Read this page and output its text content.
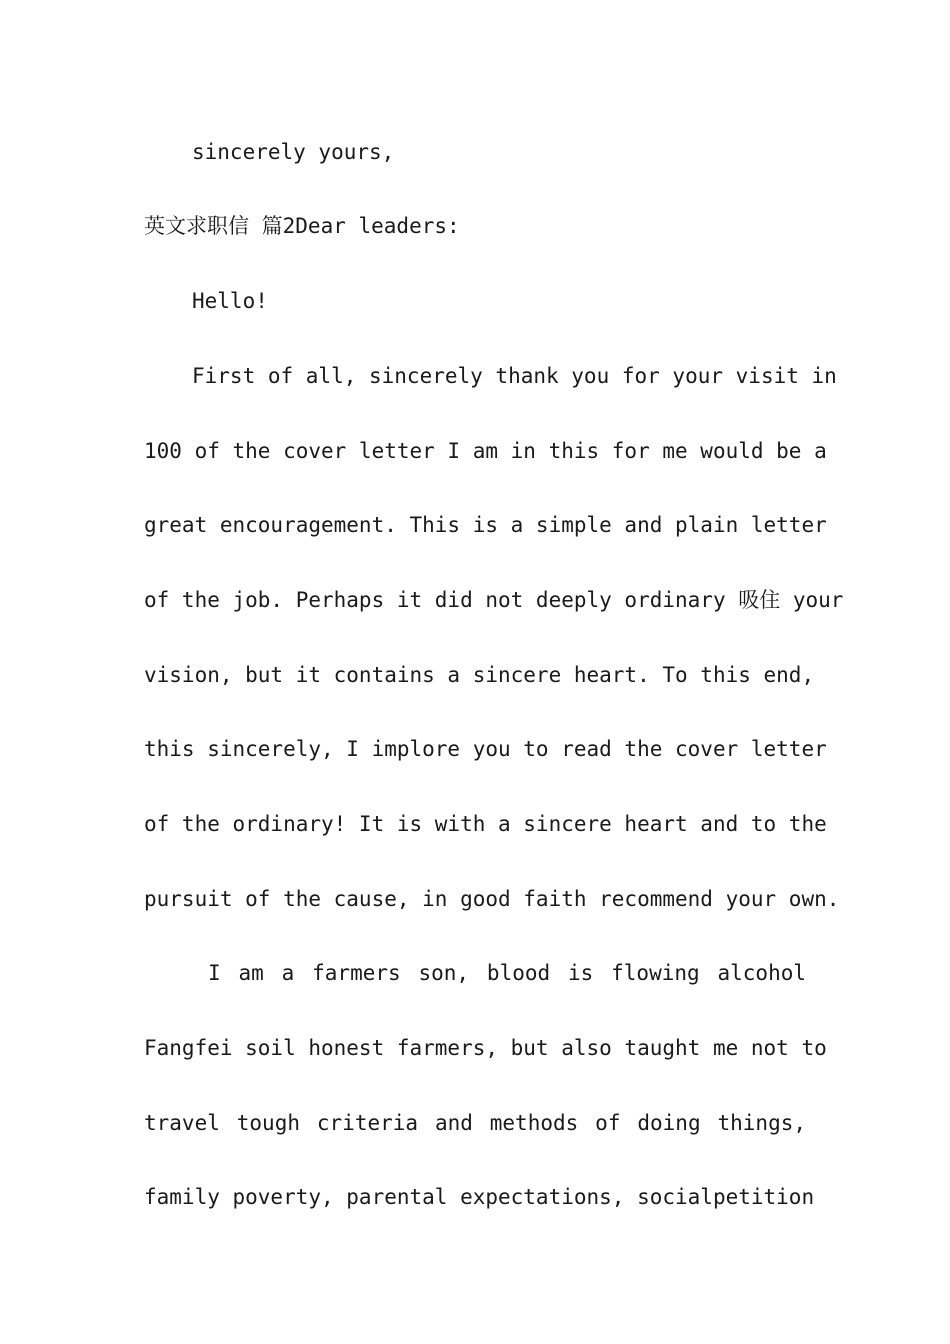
sincerely yours,
英文求职信 篇2Dear leaders:
Hello!
First of all, sincerely thank you for your visit in
100 of the cover letter I am in this for me would be a
great encouragement. This is a simple and plain letter
of the job. Perhaps it did not deeply ordinary 吸住 your
vision, but it contains a sincere heart. To this end,
this sincerely, I implore you to read the cover letter
of the ordinary! It is with a sincere heart and to the
pursuit of the cause, in good faith recommend your own.
I am a farmers son, blood is flowing alcohol
Fangfei soil honest farmers, but also taught me not to
travel tough criteria and methods of doing things,
family poverty, parental expectations, socialpetition
